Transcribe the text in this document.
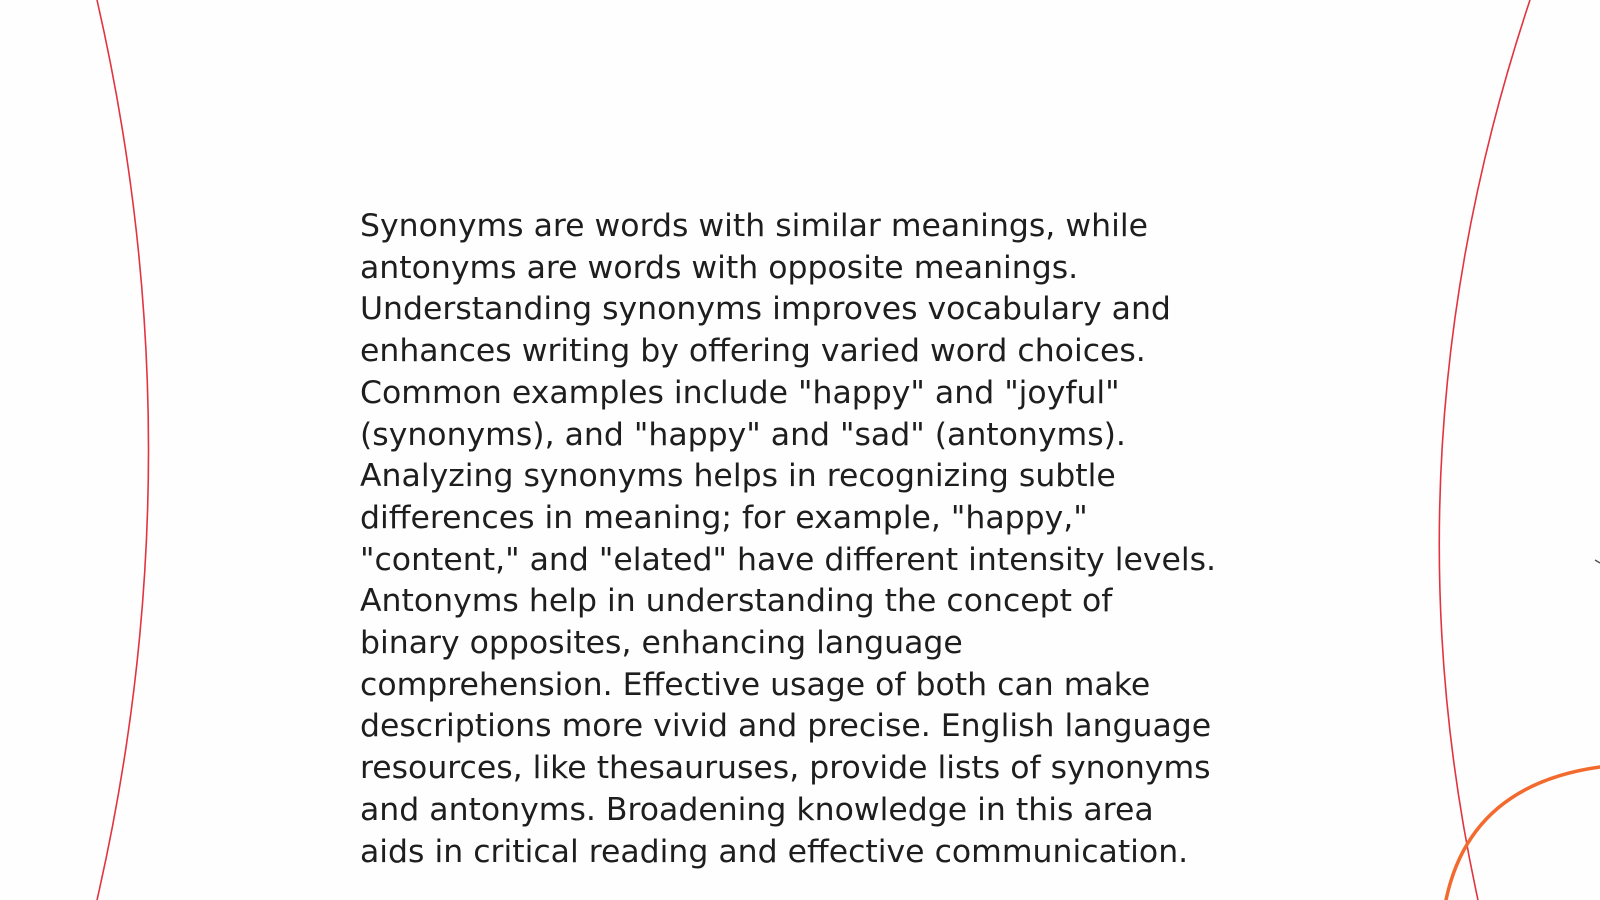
Synonyms are words with similar meanings, while
antonyms are words with opposite meanings.
Understanding synonyms improves vocabulary and
enhances writing by offering varied word choices.
Common examples include "happy" and "joyful"
(synonyms), and "happy" and "sad" (antonyms).
Analyzing synonyms helps in recognizing subtle
differences in meaning; for example, "happy,"
"content," and "elated" have different intensity levels.
Antonyms help in understanding the concept of
binary opposites, enhancing language
comprehension. Effective usage of both can make
descriptions more vivid and precise. English language
resources, like thesauruses, provide lists of synonyms
and antonyms. Broadening knowledge in this area
aids in critical reading and effective communication.
